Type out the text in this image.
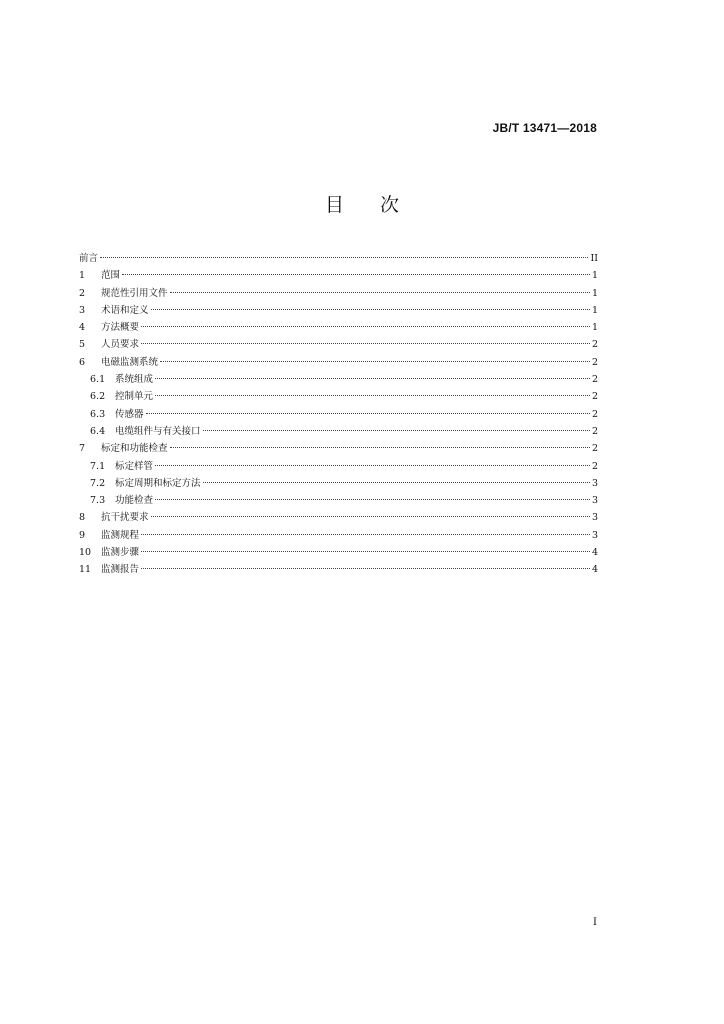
JB/T 13471—2018
目 次
前言	II
1	范围	1
2	规范性引用文件	1
3	术语和定义	1
4	方法概要	1
5	人员要求	2
6	电磁监测系统	2
6.1	系统组成	2
6.2	控制单元	2
6.3	传感器	2
6.4	电缆组件与有关接口	2
7	标定和功能检查	2
7.1	标定样管	2
7.2	标定周期和标定方法	3
7.3	功能检查	3
8	抗干扰要求	3
9	监测规程	3
10	监测步骤	4
11	监测报告	4
I
